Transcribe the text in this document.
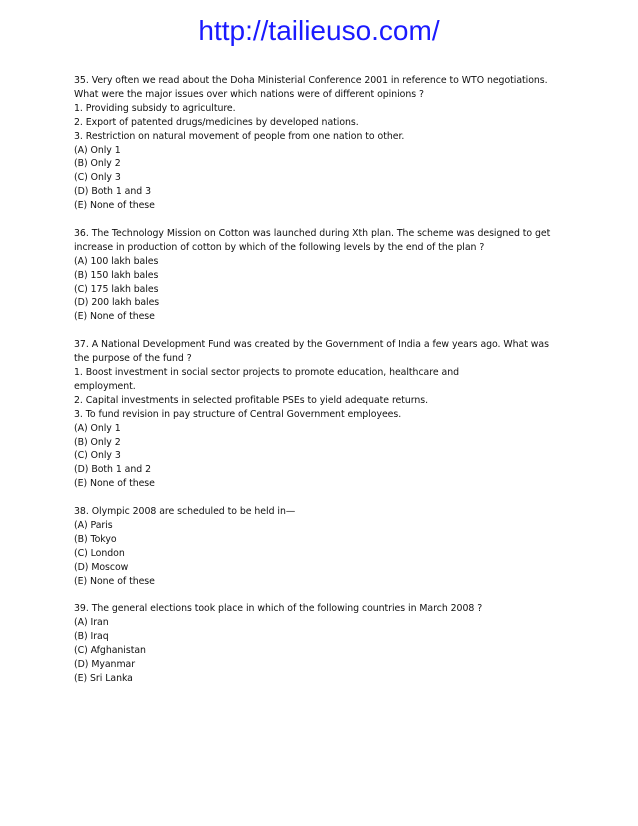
http://tailieuso.com/
35. Very often we read about the Doha Ministerial Conference 2001 in reference to WTO negotiations.
What were the major issues over which nations were of different opinions ?
1. Providing subsidy to agriculture.
2. Export of patented drugs/medicines by developed nations.
3. Restriction on natural movement of people from one nation to other.
(A) Only 1
(B) Only 2
(C) Only 3
(D) Both 1 and 3
(E) None of these
36. The Technology Mission on Cotton was launched during Xth plan. The scheme was designed to get
increase in production of cotton by which of the following levels by the end of the plan ?
(A) 100 lakh bales
(B) 150 lakh bales
(C) 175 lakh bales
(D) 200 lakh bales
(E) None of these
37. A National Development Fund was created by the Government of India a few years ago. What was
the purpose of the fund ?
1. Boost investment in social sector projects to promote education, healthcare and
employment.
2. Capital investments in selected profitable PSEs to yield adequate returns.
3. To fund revision in pay structure of Central Government employees.
(A) Only 1
(B) Only 2
(C) Only 3
(D) Both 1 and 2
(E) None of these
38. Olympic 2008 are scheduled to be held in—
(A) Paris
(B) Tokyo
(C) London
(D) Moscow
(E) None of these
39. The general elections took place in which of the following countries in March 2008 ?
(A) Iran
(B) Iraq
(C) Afghanistan
(D) Myanmar
(E) Sri Lanka
